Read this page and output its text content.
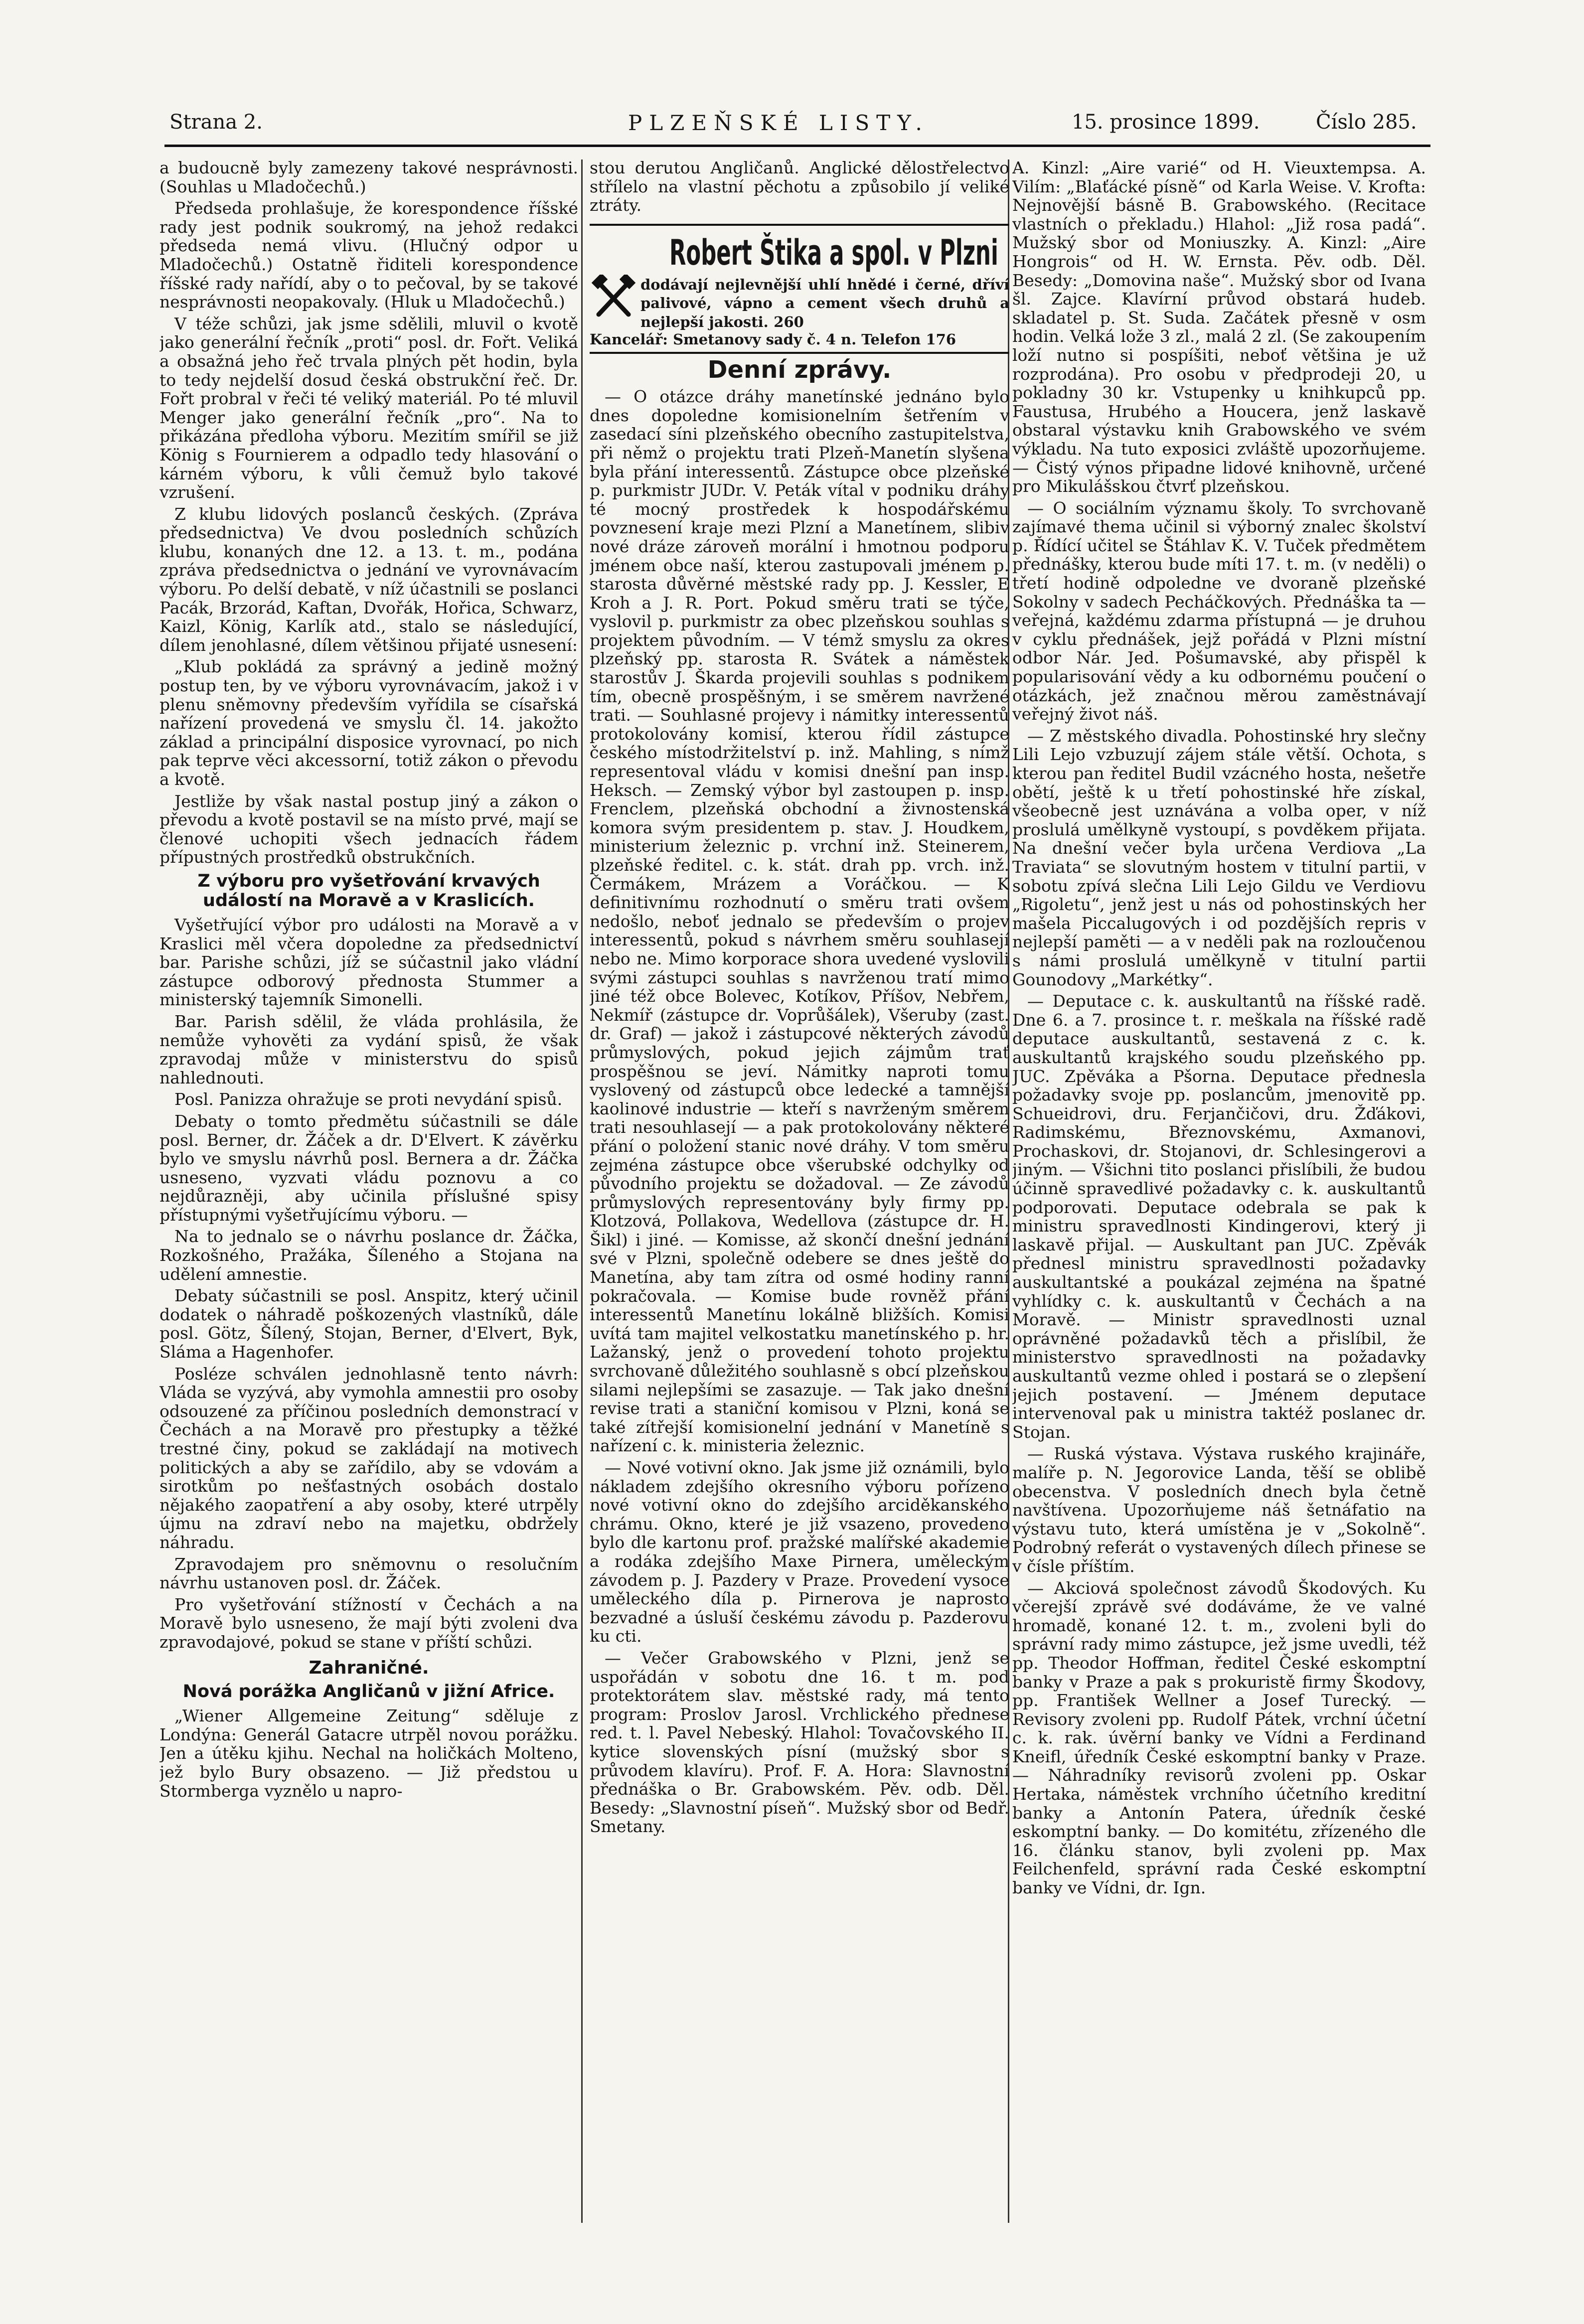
Strana 2.	PLZEŇSKÉ LISTY.	15. prosince 1899.	Číslo 285.

a budoucně byly zamezeny takové nesprávnosti. (Souhlas u Mladočechů.)

Předseda prohlašuje, že korespondence říšské rady jest podnik soukromý, na jehož redakci předseda nemá vlivu. (Hlučný odpor u Mladočechů.) Ostatně řiditeli korespondence říšské rady nařídí, aby o to pečoval, by se takové nesprávnosti neopakovaly. (Hluk u Mladočechů.)

V téže schůzi, jak jsme sdělili, mluvil o kvotě jako generální řečník „proti“ posl. dr. Fořt. Veliká a obsažná jeho řeč trvala plných pět hodin, byla to tedy nejdelší dosud česká obstrukční řeč. Dr. Fořt probral v řeči té veliký materiál. Po té mluvil Menger jako generální řečník „pro“. Na to přikázána předloha výboru. Mezitím smířil se již König s Fournierem a odpadlo tedy hlasování o kárném výboru, k vůli čemuž bylo takové vzrušení.

Z klubu lidových poslanců českých. (Zpráva předsednictva) Ve dvou posledních schůzích klubu, konaných dne 12. a 13. t. m., podána zpráva předsednictva o jednání ve vyrovnávacím výboru. Po delší debatě, v níž účastnili se poslanci Pacák, Brzorád, Kaftan, Dvořák, Hořica, Schwarz, Kaizl, König, Karlík atd., stalo se následující, dílem jenohlasné, dílem většinou přijaté usnesení:

„Klub pokládá za správný a jedině možný postup ten, by ve výboru vyrovnávacím, jakož i v plenu sněmovny především vyřídila se císařská nařízení provedená ve smyslu čl. 14. jakožto základ a principální disposice vyrovnací, po nich pak teprve věci akcessorní, totiž zákon o převodu a kvotě.

Jestliže by však nastal postup jiný a zákon o převodu a kvotě postavil se na místo prvé, mají se členové uchopiti všech jednacích řádem přípustných prostředků obstrukčních.

Z výboru pro vyšetřování krvavých událostí na Moravě a v Kraslicích.

Vyšetřující výbor pro události na Moravě a v Kraslici měl včera dopoledne za předsednictví bar. Parishe schůzi, jíž se súčastnil jako vládní zástupce odborový přednosta Stummer a ministerský tajemník Simonelli.

Bar. Parish sdělil, že vláda prohlásila, že nemůže vyhověti za vydání spisů, že však zpravodaj může v ministerstvu do spisů nahlednouti.

Posl. Panizza ohražuje se proti nevydání spisů.

Debaty o tomto předmětu súčastnili se dále posl. Berner, dr. Žáček a dr. D'Elvert. K závěrku bylo ve smyslu návrhů posl. Bernera a dr. Žáčka usneseno, vyzvati vládu poznovu a co nejdůrazněji, aby učinila příslušné spisy přístupnými vyšetřujícímu výboru. —

Na to jednalo se o návrhu poslance dr. Žáčka, Rozkošného, Pražáka, Šíleného a Stojana na udělení amnestie.

Debaty súčastnili se posl. Anspitz, který učinil dodatek o náhradě poškozených vlastníků, dále posl. Götz, Šílený, Stojan, Berner, d'Elvert, Byk, Sláma a Hagenhofer.

Posléze schválen jednohlasně tento návrh: Vláda se vyzývá, aby vymohla amnestii pro osoby odsouzené za příčinou posledních demonstrací v Čechách a na Moravě pro přestupky a těžké trestné činy, pokud se zakládají na motivech politických a aby se zařídilo, aby se vdovám a sirotkům po nešťastných osobách dostalo nějakého zaopatření a aby osoby, které utrpěly újmu na zdraví nebo na majetku, obdržely náhradu.

Zpravodajem pro sněmovnu o resolučním návrhu ustanoven posl. dr. Žáček.

Pro vyšetřování stížností v Čechách a na Moravě bylo usneseno, že mají býti zvoleni dva zpravodajové, pokud se stane v příští schůzi.

Zahraničné.
Nová porážka Angličanů v jižní Africe.

„Wiener Allgemeine Zeitung“ sděluje z Londýna: Generál Gatacre utrpěl novou porážku. Jen a útěku kjihu. Nechal na holičkách Molteno, jež bylo Bury obsazeno. — Již předstou u Stormberga vyznělo u napro-

stou derutou Angličanů. Anglické dělostřelectvo střílelo na vlastní pěchotu a způsobilo jí veliké ztráty.

Robert Štika a spol. v Plzni
dodávají nejlevnější uhlí hnědé i černé, dříví palivové, vápno a cement všech druhů a nejlepší jakosti. 260
Kancelář: Smetanovy sady č. 4 n. Telefon 176
Denní zprávy.

— O otázce dráhy manetínské jednáno bylo dnes dopoledne komisionelním šetřením v zasedací síni plzeňského obecního zastupitelstva, při němž o projektu trati Plzeň-Manetín slyšena byla přání interessentů. Zástupce obce plzeňské p. purkmistr JUDr. V. Peták vítal v podniku dráhy té mocný prostředek k hospodářskému povznesení kraje mezi Plzní a Manetínem, slibiv nové dráze zároveň morální i hmotnou podporu jménem obce naší, kterou zastupovali jménem p. starosta důvěrné městské rady pp. J. Kessler, E Kroh a J. R. Port. Pokud směru trati se týče, vyslovil p. purkmistr za obec plzeňskou souhlas s projektem původním. — V témž smyslu za okres plzeňský pp. starosta R. Svátek a náměstek starostův J. Škarda projevili souhlas s podnikem tím, obecně prospěšným, i se směrem navržené trati. — Souhlasné projevy i námitky interessentů protokolovány komisí, kterou řídil zástupce českého místodržitelství p. inž. Mahling, s nímž representoval vládu v komisi dnešní pan insp. Heksch. — Zemský výbor byl zastoupen p. insp. Frenclem, plzeňská obchodní a živnostenská komora svým presidentem p. stav. J. Houdkem, ministerium železnic p. vrchní inž. Steinerem, plzeňské ředitel. c. k. stát. drah pp. vrch. inž. Čermákem, Mrázem a Voráčkou. — K definitivnímu rozhodnutí o směru trati ovšem nedošlo, neboť jednalo se především o projev interessentů, pokud s návrhem směru souhlasejí nebo ne. Mimo korporace shora uvedené vyslovili svými zástupci souhlas s navrženou tratí mimo jiné též obce Bolevec, Kotíkov, Příšov, Nebřem, Nekmíř (zástupce dr. Voprůšálek), Všeruby (zast. dr. Graf) — jakož i zástupcové některých závodů průmyslových, pokud jejich zájmům trať prospěšnou se jeví. Námitky naproti tomu vyslovený od zástupců obce ledecké a tamnější kaolinové industrie — kteří s navrženým směrem trati nesouhlasejí — a pak protokolovány některé přání o položení stanic nové dráhy. V tom směru zejména zástupce obce všerubské odchylky od původního projektu se dožadoval. — Ze závodů průmyslových representovány byly firmy pp. Klotzová, Pollakova, Wedellova (zástupce dr. H. Šikl) i jiné. — Komisse, až skončí dnešní jednání své v Plzni, společně odebere se dnes ještě do Manetína, aby tam zítra od osmé hodiny ranní pokračovala. — Komise bude rovněž přání interessentů Manetínu lokálně bližších. Komisi uvítá tam majitel velkostatku manetínského p. hr. Lažanský, jenž o provedení tohoto projektu svrchovaně důležitého souhlasně s obcí plzeňskou silami nejlepšími se zasazuje. — Tak jako dnešní revise trati a staniční komisou v Plzni, koná se také zítřejší komisionelní jednání v Manetíně s nařízení c. k. ministeria železnic.

— Nové votivní okno. Jak jsme již oznámili, bylo nákladem zdejšího okresního výboru pořízeno nové votivní okno do zdejšího arciděkanského chrámu. Okno, které je již vsazeno, provedeno bylo dle kartonu prof. pražské malířské akademie a rodáka zdejšího Maxe Pirnera, uměleckým závodem p. J. Pazdery v Praze. Provedení vysoce uměleckého díla p. Pirnerova je naprosto bezvadné a úsluší českému závodu p. Pazderovu ku cti.

— Večer Grabowského v Plzni, jenž se uspořádán v sobotu dne 16. t m. pod protektorátem slav. městské rady, má tento program: Proslov Jarosl. Vrchlického přednese red. t. l. Pavel Nebeský. Hlahol: Tovačovského II. kytice slovenských písní (mužský sbor s průvodem klavíru). Prof. F. A. Hora: Slavnostní přednáška o Br. Grabowském. Pěv. odb. Děl. Besedy: „Slavnostní píseň“. Mužský sbor od Bedř. Smetany.

A. Kinzl: „Aire varié“ od H. Vieuxtempsa. A. Vilím: „Blaťácké písně“ od Karla Weise. V. Krofta: Nejnovější básně B. Grabowského. (Recitace vlastních o překladu.) Hlahol: „Již rosa padá“. Mužský sbor od Moniuszky. A. Kinzl: „Aire Hongrois“ od H. W. Ernsta. Pěv. odb. Děl. Besedy: „Domovina naše“. Mužský sbor od Ivana šl. Zajce. Klavírní průvod obstará hudeb. skladatel p. St. Suda. Začátek přesně v osm hodin. Velká lože 3 zl., malá 2 zl. (Se zakoupením loží nutno si pospíšiti, neboť většina je už rozprodána). Pro osobu v předprodeji 20, u pokladny 30 kr. Vstupenky u knihkupců pp. Faustusa, Hrubého a Houcera, jenž laskavě obstaral výstavku knih Grabowského ve svém výkladu. Na tuto exposici zvláště upozorňujeme. — Čistý výnos připadne lidové knihovně, určené pro Mikulášskou čtvrť plzeňskou.

— O sociálním významu školy. To svrchovaně zajímavé thema učinil si výborný znalec školství p. Řídící učitel se Štáhlav K. V. Tuček předmětem přednášky, kterou bude míti 17. t. m. (v neděli) o třetí hodině odpoledne ve dvoraně plzeňské Sokolny v sadech Pecháčkových. Přednáška ta — veřejná, každému zdarma přístupná — je druhou v cyklu přednášek, jejž pořádá v Plzni místní odbor Nár. Jed. Pošumavské, aby přispěl k popularisování vědy a ku odbornému poučení o otázkách, jež značnou měrou zaměstnávají veřejný život náš.

— Z městského divadla. Pohostinské hry slečny Lili Lejo vzbuzují zájem stále větší. Ochota, s kterou pan ředitel Budil vzácného hosta, nešetře obětí, ještě k u třetí pohostinské hře získal, všeobecně jest uznávána a volba oper, v níž proslulá umělkyně vystoupí, s povděkem přijata. Na dnešní večer byla určena Verdiova „La Traviata“ se slovutným hostem v titulní partii, v sobotu zpívá slečna Lili Lejo Gildu ve Verdiovu „Rigoletu“, jenž jest u nás od pohostinských her mašela Piccalugových i od pozdějších repris v nejlepší paměti — a v neděli pak na rozloučenou s námi proslulá umělkyně v titulní partii Gounodovy „Markétky“.

— Deputace c. k. auskultantů na říšské radě. Dne 6. a 7. prosince t. r. meškala na říšské radě deputace auskultantů, sestavená z c. k. auskultantů krajského soudu plzeňského pp. JUC. Zpěváka a Pšorna. Deputace přednesla požadavky svoje pp. poslancům, jmenovitě pp. Schueidrovi, dru. Ferjančičovi, dru. Žďákovi, Radimskému, Březnovskému, Axmanovi, Prochaskovi, dr. Stojanovi, dr. Schlesingerovi a jiným. — Všichni tito poslanci přislíbili, že budou účinně spravedlivé požadavky c. k. auskultantů podporovati. Deputace odebrala se pak k ministru spravedlnosti Kindingerovi, který ji laskavě přijal. — Auskultant pan JUC. Zpěvák přednesl ministru spravedlnosti požadavky auskultantské a poukázal zejména na špatné vyhlídky c. k. auskultantů v Čechách a na Moravě. — Ministr spravedlnosti uznal oprávněné požadavků těch a přislíbil, že ministerstvo spravedlnosti na požadavky auskultantů vezme ohled i postará se o zlepšení jejich postavení. — Jménem deputace intervenoval pak u ministra taktéž poslanec dr. Stojan.

— Ruská výstava. Výstava ruského krajináře, malíře p. N. Jegorovice Landa, těší se oblibě obecenstva. V posledních dnech byla četně navštívena. Upozorňujeme náš šetnáfatio na výstavu tuto, která umístěna je v „Sokolně“. Podrobný referát o vystavených dílech přinese se v čísle příštím.

— Akciová společnost závodů Škodových. Ku včerejší zprávě své dodáváme, že ve valné hromadě, konané 12. t. m., zvoleni byli do správní rady mimo zástupce, jež jsme uvedli, též pp. Theodor Hoffman, ředitel České eskomptní banky v Praze a pak s prokuristě firmy Škodovy, pp. František Wellner a Josef Turecký. — Revisory zvoleni pp. Rudolf Pátek, vrchní účetní c. k. rak. úvěrní banky ve Vídni a Ferdinand Kneifl, úředník České eskomptní banky v Praze. — Náhradníky revisorů zvoleni pp. Oskar Hertaka, náměstek vrchního účetního kreditní banky a Antonín Patera, úředník české eskomptní banky. — Do komitétu, zřízeného dle 16. článku stanov, byli zvoleni pp. Max Feilchenfeld, správní rada České eskomptní banky ve Vídni, dr. Ign.
